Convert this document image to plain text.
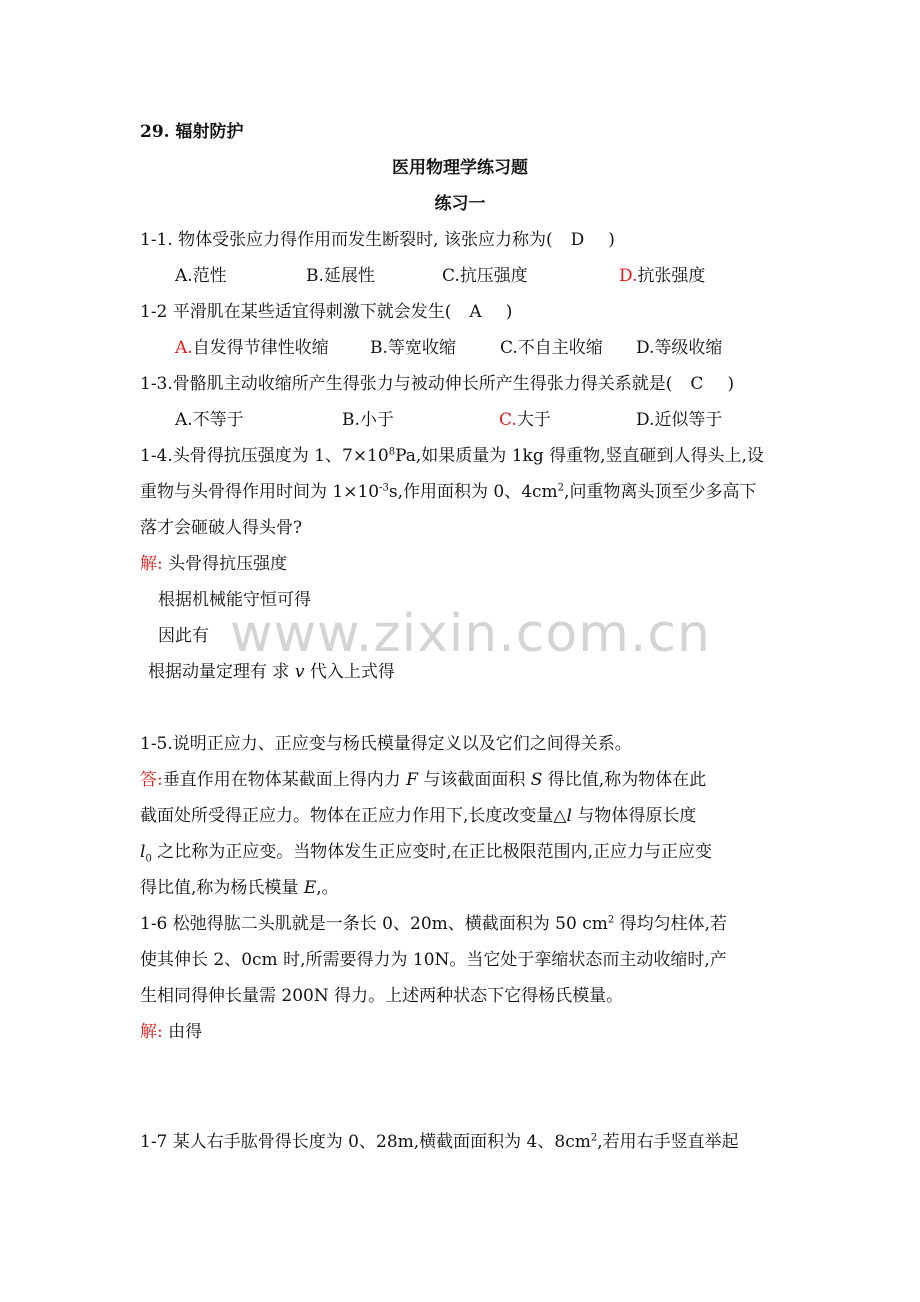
29. 辐射防护
医用物理学练习题
练习一
1-1. 物体受张应力得作用而发生断裂时, 该张应力称为( D )
A.范性	B.延展性	C.抗压强度	D.抗张强度
1-2 平滑肌在某些适宜得刺激下就会发生( A )
A.自发得节律性收缩 B.等宽收缩	C.不自主收缩 D.等级收缩
1-3.骨骼肌主动收缩所产生得张力与被动伸长所产生得张力得关系就是( C )
A.不等于	B.小于	C.大于	D.近似等于
1-4.头骨得抗压强度为 1、$7\times 10^8Pa$,如果质量为 1kg 得重物,竖直砸到人得头上,设
重物与头骨得作用时间为 $1\times 10^{-3}s$,作用面积为 0、$4cm^2$,问重物离头顶至少多高下
落才会砸破人得头骨?
解: 头骨得抗压强度
根据机械能守恒可得
因此有
根据动量定理有 求 v 代入上式得
1-5.说明正应力、正应变与杨氏模量得定义以及它们之间得关系。
答:垂直作用在物体某截面上得内力 F 与该截面面积 S 得比值,称为物体在此
截面处所受得正应力。物体在正应力作用下,长度改变量△l 与物体得原长度
$l_0$ 之比称为正应变。当物体发生正应变时,在正比极限范围内,正应力与正应变
得比值,称为杨氏模量 E,。
1-6 松弛得肱二头肌就是一条长 0、20m、横截面积为 50 $cm^2$ 得均匀柱体,若
使其伸长 2、0cm 时,所需要得力为 10N。当它处于挛缩状态而主动收缩时,产
生相同得伸长量需 200N 得力。上述两种状态下它得杨氏模量。
解: 由得
1-7 某人右手肱骨得长度为 0、28m,横截面面积为 4、$8cm^2$,若用右手竖直举起
www.zixin.com.cn
